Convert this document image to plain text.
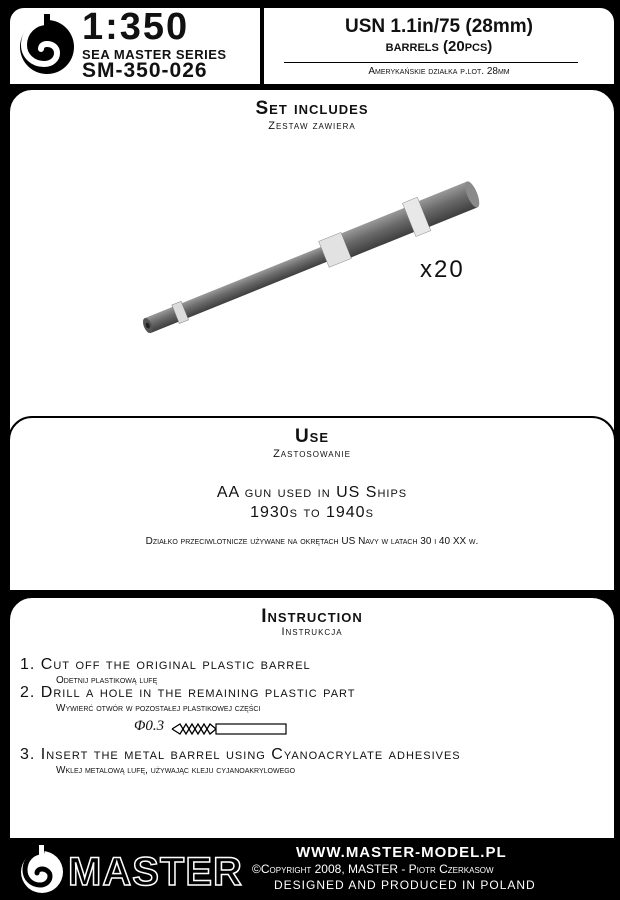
1:350
SEA MASTER SERIES
SM-350-026
USN 1.1in/75 (28mm)
barrels (20pcs)
Amerykańskie działka p.lot. 28mm
Set includes
Zestaw zawiera
x20
Use
Zastosowanie
AA gun used in US Ships
1930s to 1940s
Działko przeciwlotnicze używane na okrętach US Navy w latach 30 i 40 XX w.
Instruction
Instrukcja
1. Cut off the original plastic barrel
Odetnij plastikową lufę
2. Drill a hole in the remaining plastic part
Wywierć otwór w pozostałej plastikowej części
Φ0.3
3. Insert the metal barrel using Cyanoacrylate adhesives
Wklej metalową lufę, używając kleju cyjanoakrylowego
MASTER	WWW.MASTER-MODEL.PL
©Copyright 2008, MASTER - Piotr Czerkasow
DESIGNED AND PRODUCED IN POLAND
